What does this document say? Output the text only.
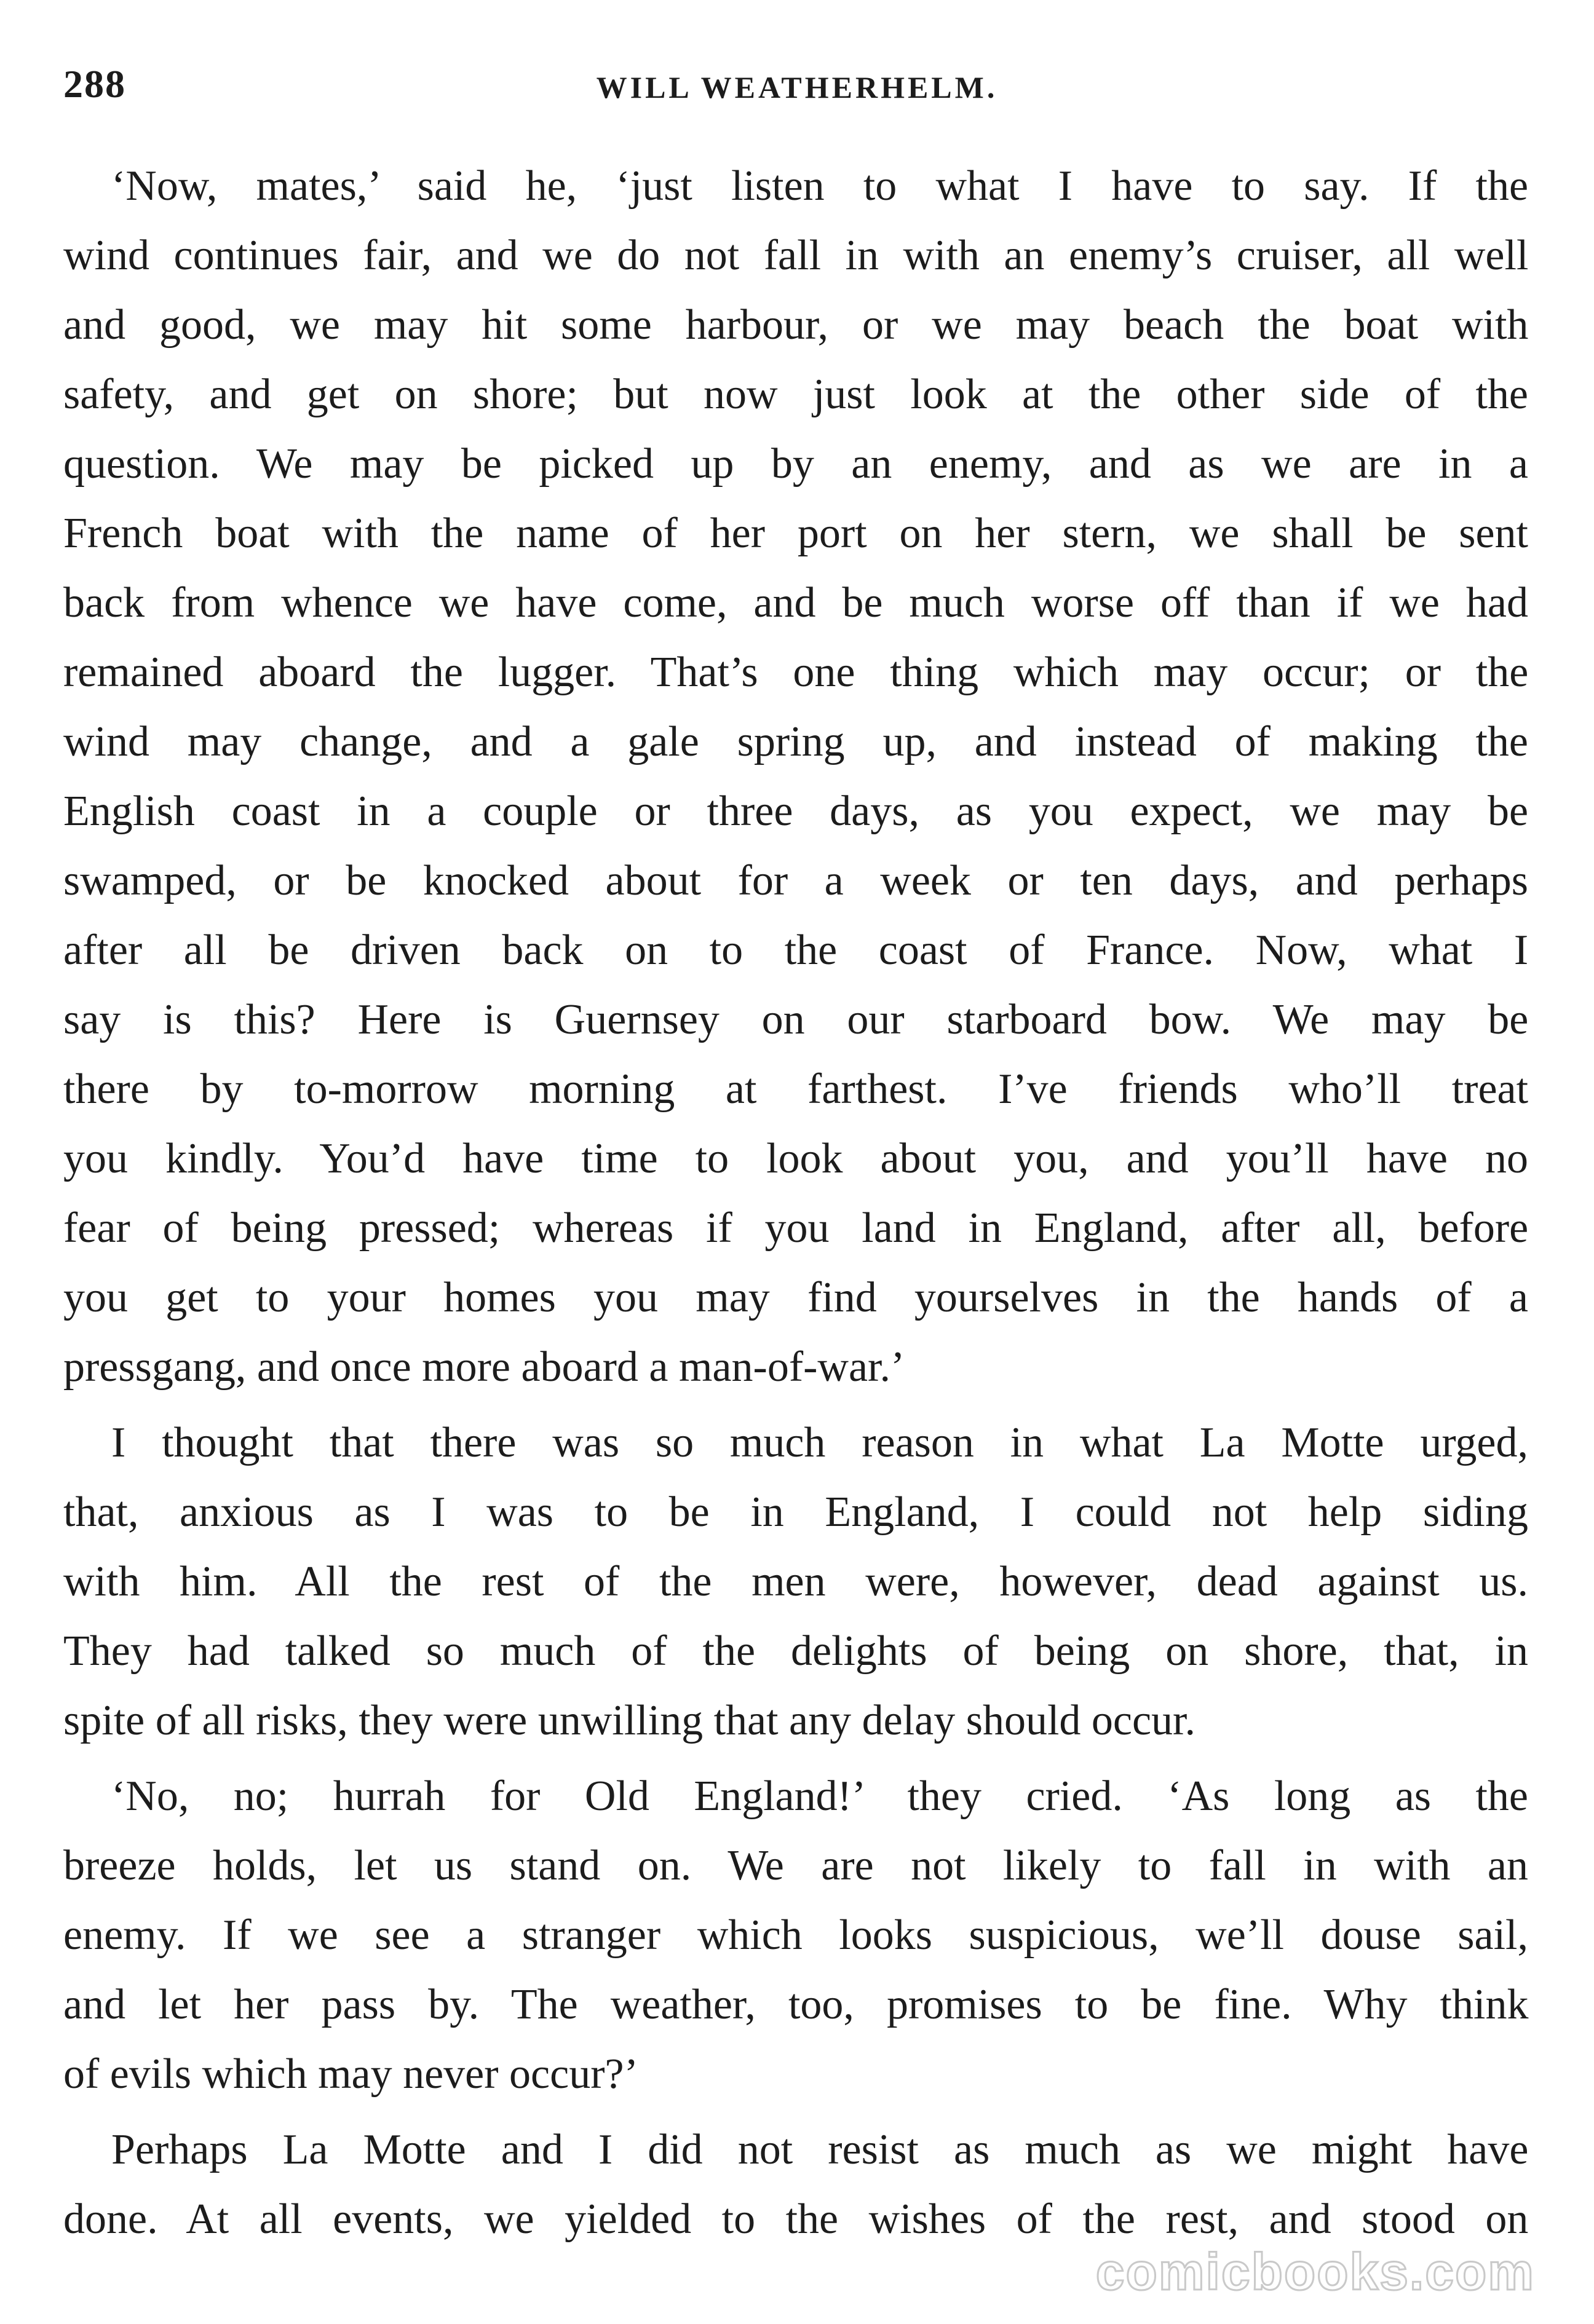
288	WILL WEATHERHELM.
‘Now, mates,’ said he, ‘just listen to what I have to say. If the
wind continues fair, and we do not fall in with an enemy’s cruiser, all well
and good, we may hit some harbour, or we may beach the boat with
safety, and get on shore; but now just look at the other side of the
question. We may be picked up by an enemy, and as we are in a
French boat with the name of her port on her stern, we shall be sent
back from whence we have come, and be much worse off than if we had
remained aboard the lugger. That’s one thing which may occur; or the
wind may change, and a gale spring up, and instead of making the
English coast in a couple or three days, as you expect, we may be
swamped, or be knocked about for a week or ten days, and perhaps
after all be driven back on to the coast of France. Now, what I
say is this? Here is Guernsey on our starboard bow. We may be
there by to-morrow morning at farthest. I’ve friends who’ll treat
you kindly. You’d have time to look about you, and you’ll have no
fear of being pressed; whereas if you land in England, after all, before
you get to your homes you may find yourselves in the hands of a
pressgang, and once more aboard a man-of-war.’
I thought that there was so much reason in what La Motte urged,
that, anxious as I was to be in England, I could not help siding
with him. All the rest of the men were, however, dead against us.
They had talked so much of the delights of being on shore, that, in
spite of all risks, they were unwilling that any delay should occur.
‘No, no; hurrah for Old England!’ they cried. ‘As long as the
breeze holds, let us stand on. We are not likely to fall in with an
enemy. If we see a stranger which looks suspicious, we’ll douse sail,
and let her pass by. The weather, too, promises to be fine. Why think
of evils which may never occur?’
Perhaps La Motte and I did not resist as much as we might have
done. At all events, we yielded to the wishes of the rest, and stood on
comicbooks.com
